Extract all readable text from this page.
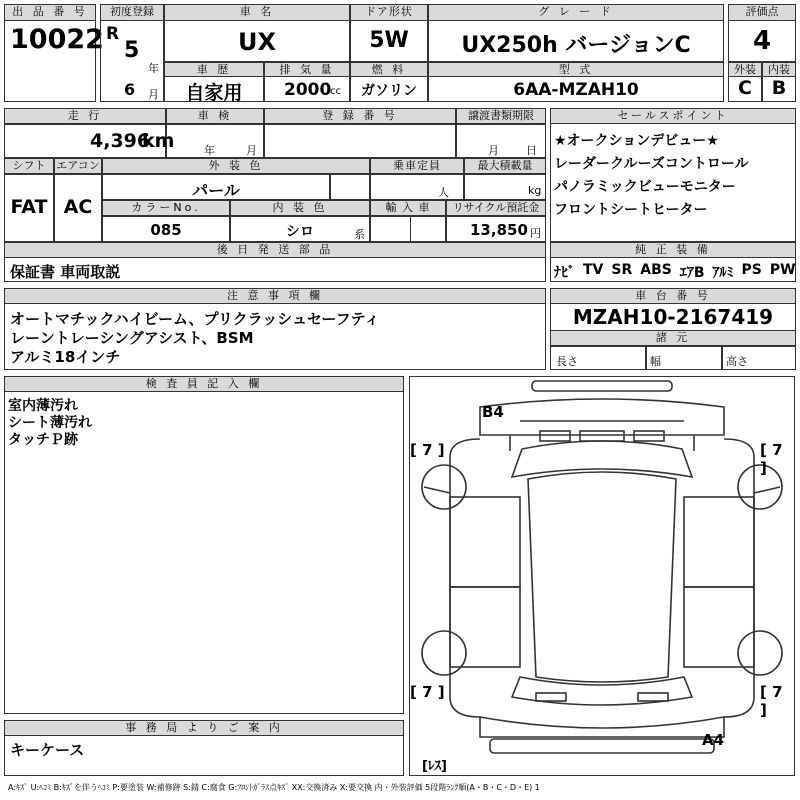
出 品 番 号
10022
初度登録
R
5
年
6 月
車 名
UX
ドア形状
5W
グ レ ー ド
UX250h バージョンC
評価点
4
車 歴
自家用
排 気 量
2000
cc
燃 料
ガソリン
型 式
6AA-MZAH10
外装
C
内装
B
走 行
4,396
km
車 検
年	月
登 録 番 号	譲渡書類期限
月 日
シフト
FAT
エアコン
AC
外 装 色
パール
乗車定員
人
最大積載量
kg
カラーNo.
085
内 装 色
シロ	系
輸 入 車	リサイクル預託金
13,850 円
後 日 発 送 部 品
保証書 車両取説
セールスポイント
★オークションデビュー★
レーダークルーズコントロール
パノラミックビューモニター
フロントシートヒーター
純 正 装 備
ﾅﾋﾞ TV SR ABS ｴｱB ｱﾙﾐ PS PW
注 意 事 項 欄
オートマチックハイビーム、プリクラッシュセーフティ
レーントレーシングアシスト、BSM
アルミ18インチ
車 台 番 号
MZAH10-2167419
諸 元
長さ	幅	高さ
検 査 員 記 入 欄
室内薄汚れ
シート薄汚れ
タッチＰ跡
事 務 局 よ り ご 案 内
キーケース
B4
A4
[ 7 ]	[ 7 ]
[ 7 ]	[ 7 ]
[ﾚｽ]
A:ｷｽﾞ U:ﾍｺﾐ B:ｷｽﾞを伴うﾍｺﾐ P:要塗装 W:補修跡 S:錆 C:腐食 G:ﾌﾛﾝﾄｶﾞﾗｽ点ｷｽﾞ XX:交換済み X:要交換 内・外装評価 5段階ﾗﾝｸ順(A・B・C・D・E) 1
